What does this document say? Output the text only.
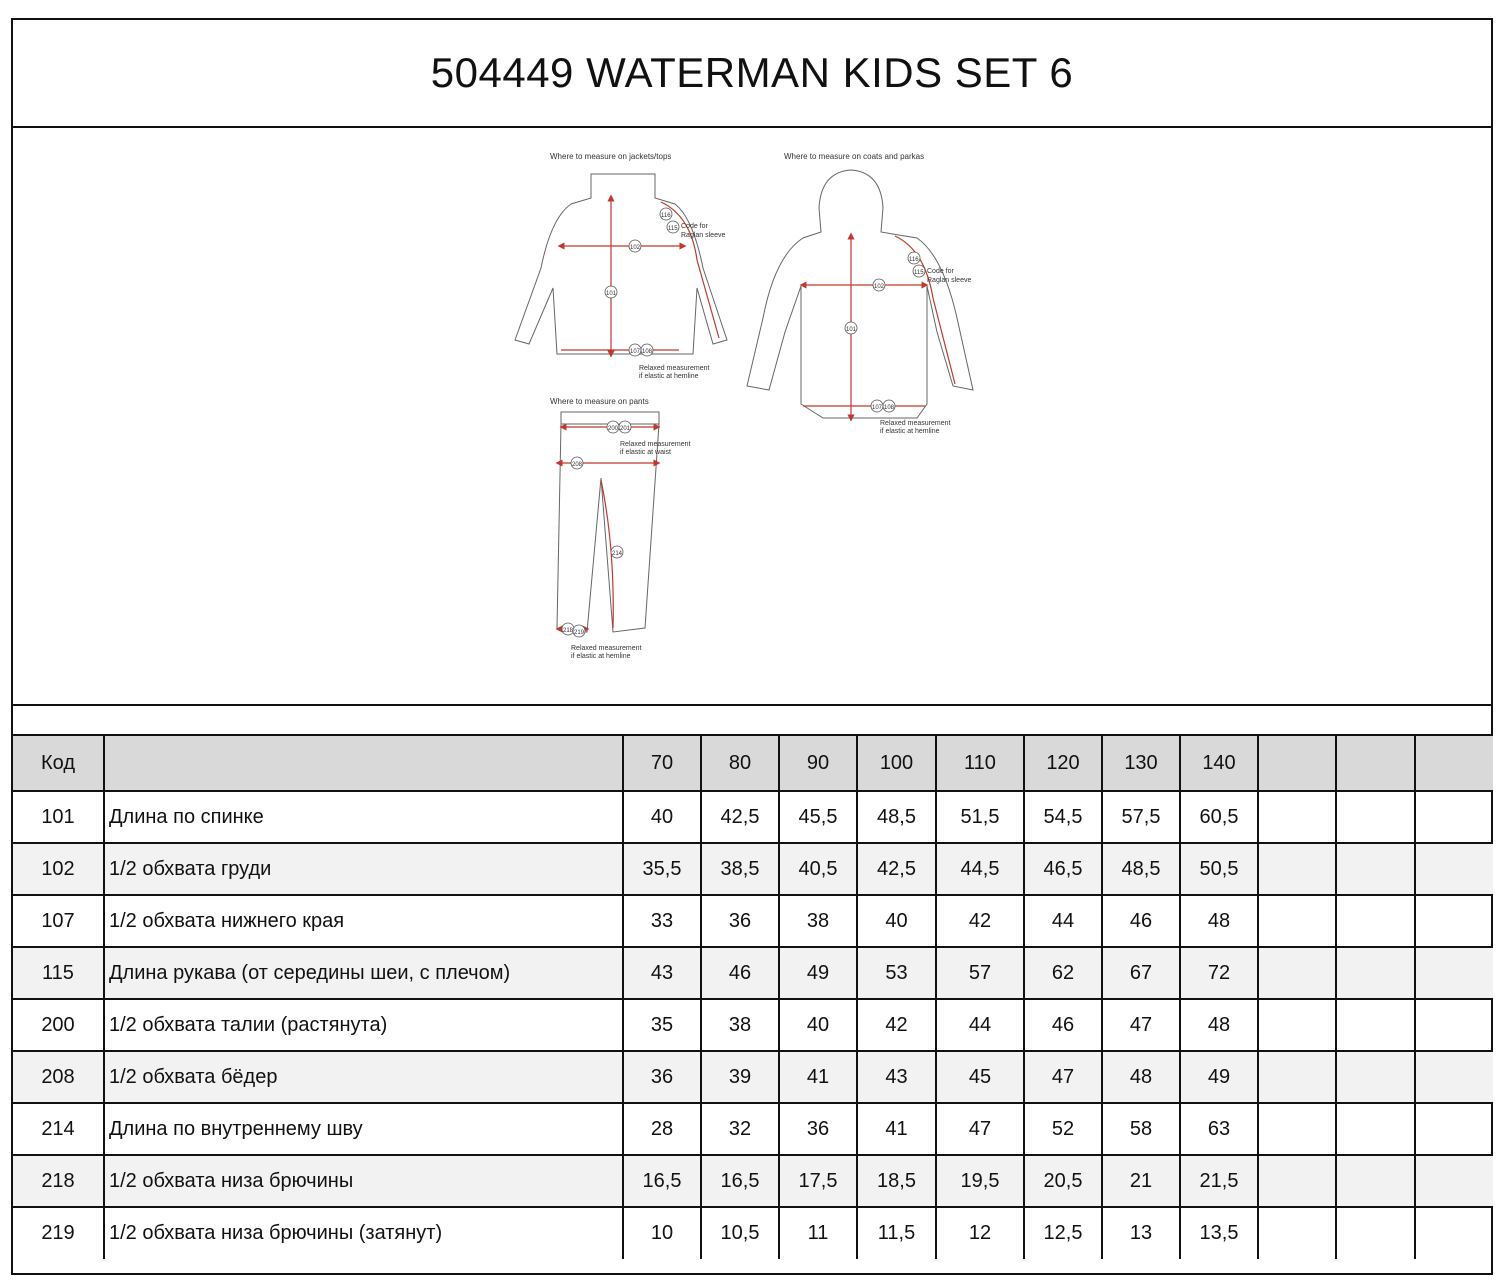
504449 WATERMAN KIDS SET 6
Where to measure on jackets/tops
102
101
116
115 Code for
Raglan sleeve
107 108
Relaxed measurement
if elastic at hemline
Where to measure on coats and parkas
102
101
116
115 Code for
Raglan sleeve
107 108
Relaxed measurement
if elastic at hemline
Where to measure on pants
200 201
Relaxed measurement
if elastic at waist
208
214
218 219
Relaxed measurement
if elastic at hemline
Код		70	80	90	100	110	120	130	140			
101	Длина по спинке	40	42,5	45,5	48,5	51,5	54,5	57,5	60,5			
102	1/2 обхвата груди	35,5	38,5	40,5	42,5	44,5	46,5	48,5	50,5			
107	1/2 обхвата нижнего края	33	36	38	40	42	44	46	48			
115	Длина рукава (от середины шеи, с плечом)	43	46	49	53	57	62	67	72			
200	1/2 обхвата талии (растянута)	35	38	40	42	44	46	47	48			
208	1/2 обхвата бёдер	36	39	41	43	45	47	48	49			
214	Длина по внутреннему шву	28	32	36	41	47	52	58	63			
218	1/2 обхвата низа брючины	16,5	16,5	17,5	18,5	19,5	20,5	21	21,5			
219	1/2 обхвата низа брючины (затянут)	10	10,5	11	11,5	12	12,5	13	13,5			
